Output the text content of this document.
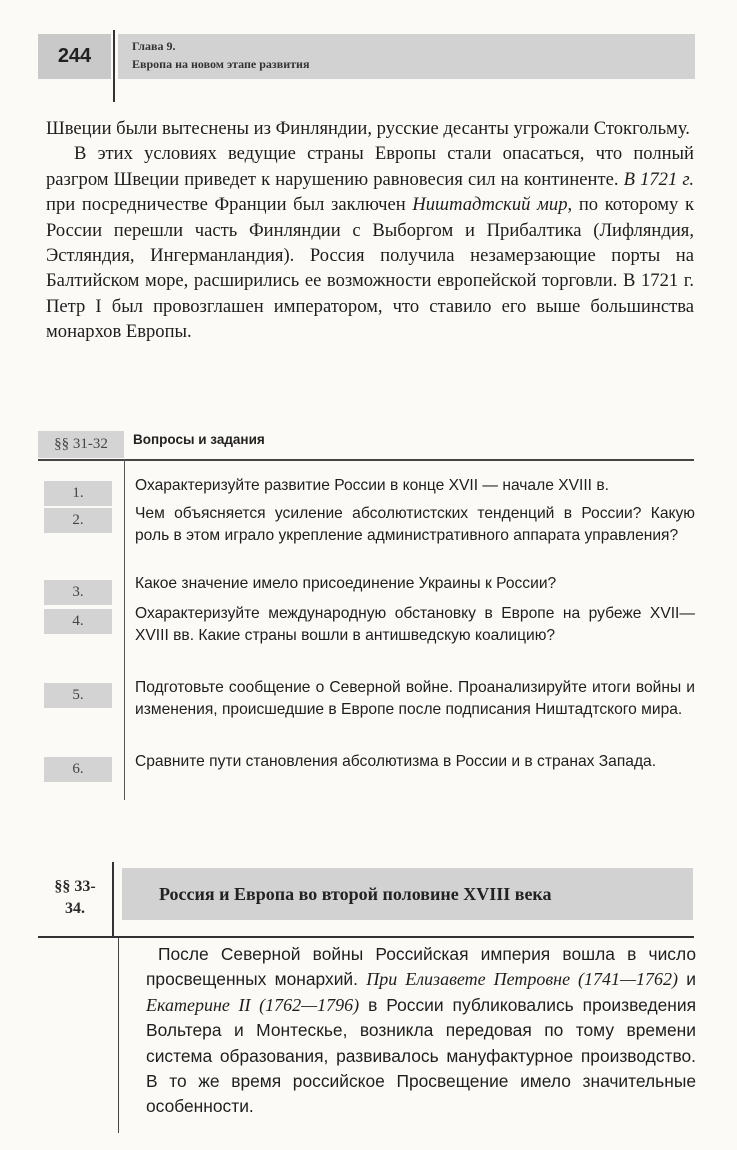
244	Глава 9.
Европа на новом этапе развития

Швеции были вытеснены из Финляндии, русские десанты угрожали Стокгольму.

В этих условиях ведущие страны Европы стали опасаться, что полный разгром Швеции приведет к нарушению равновесия сил на континенте. В 1721 г. при посредничестве Франции был заключен Ништадтский мир, по которому к России перешли часть Финляндии с Выборгом и Прибалтика (Лифляндия, Эстляндия, Ингерманландия). Россия получила незамерзающие порты на Балтийском море, расширились ее возможности европейской торговли. В 1721 г. Петр I был провозглашен императором, что ставило его выше большинства монархов Европы.

§§ 31-32	Вопросы и задания
1.	Охарактеризуйте развитие России в конце XVII — начале XVIII в.
2.	Чем объясняется усиление абсолютистских тенденций в России? Какую роль в этом играло укрепление административного аппарата управления?
3.	Какое значение имело присоединение Украины к России?
4.	Охарактеризуйте международную обстановку в Европе на рубеже XVII—XVIII вв. Какие страны вошли в антишведскую коалицию?
5.	Подготовьте сообщение о Северной войне. Проанализируйте итоги войны и изменения, происшедшие в Европе после подписания Ништадтского мира.
6.	Сравните пути становления абсолютизма в России и в странах Запада.
§§ 33-
34.
Россия и Европа во второй половине XVIII века

После Северной войны Российская империя вошла в число просвещенных монархий. При Елизавете Петровне (1741—1762) и Екатерине II (1762—1796) в России публиковались произведения Вольтера и Монтескье, возникла передовая по тому времени система образования, развивалось мануфактурное производство. В то же время российское Просвещение имело значительные особенности.
